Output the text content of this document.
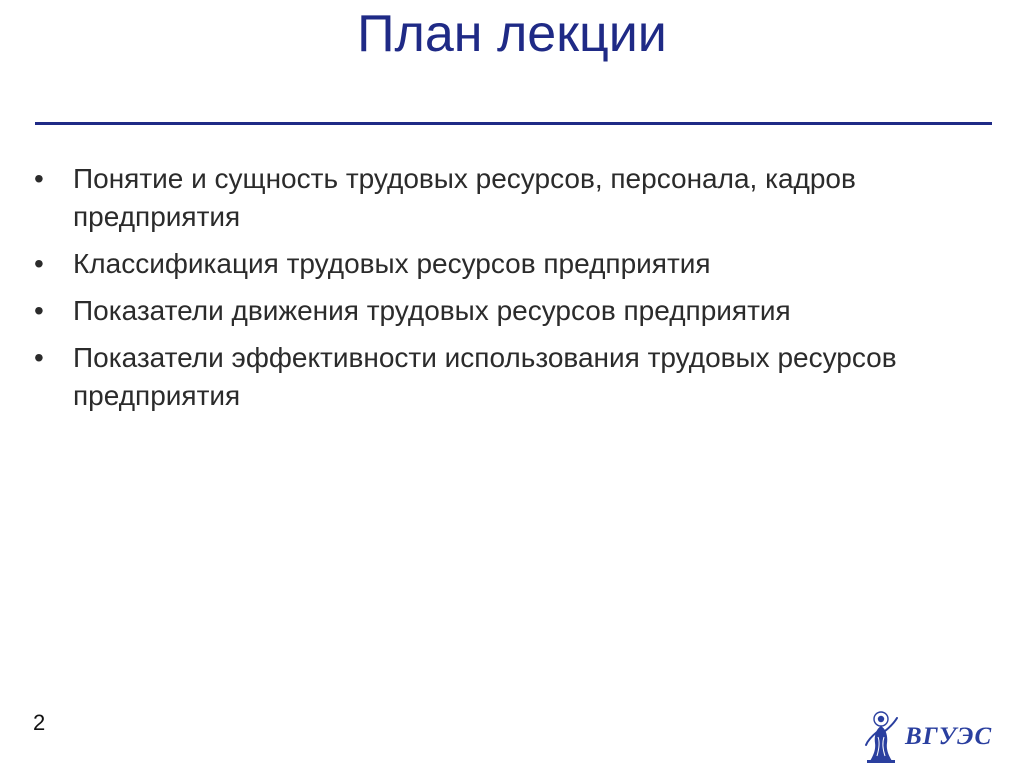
План лекции
•	Понятие и сущность трудовых ресурсов, персонала, кадров предприятия
•	Классификация трудовых ресурсов предприятия
•	Показатели движения трудовых ресурсов предприятия
•	Показатели эффективности использования трудовых ресурсов предприятия
2
ВГУЭС
